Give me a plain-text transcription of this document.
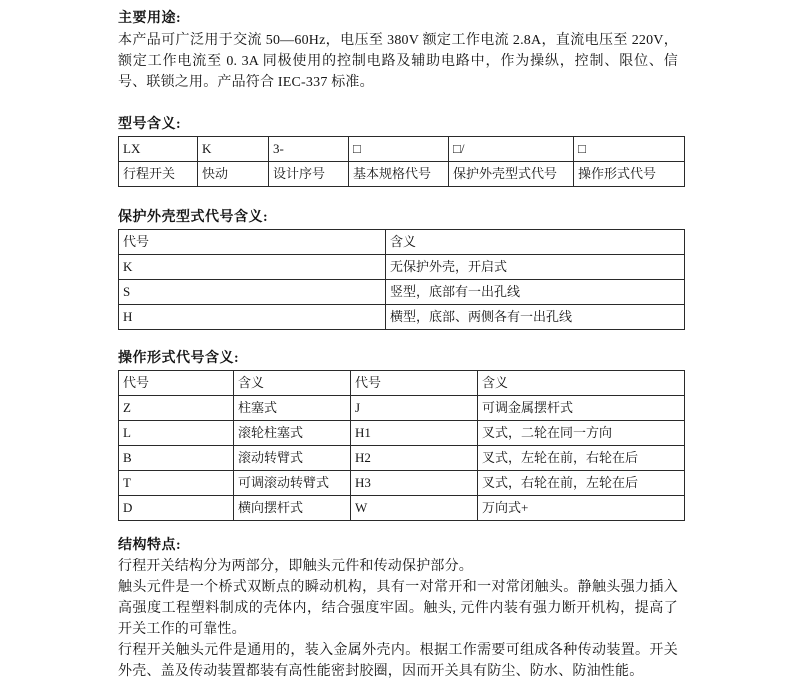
主要用途:

本产品可广泛用于交流 50—60Hz，电压至 380V 额定工作电流 2.8A，直流电压至 220V，额定工作电流至 0. 3A 同极使用的控制电路及辅助电路中，作为操纵，控制、限位、信号、联锁之用。产品符合 IEC-337 标准。

型号含义:
LX	K	3-	□	□/	□
行程开关	快动	设计序号	基本规格代号	保护外壳型式代号	操作形式代号
保护外壳型式代号含义:
代号	含义
K	无保护外壳，开启式
S	竖型，底部有一出孔线
H	横型，底部、两侧各有一出孔线
操作形式代号含义:
代号	含义	代号	含义
Z	柱塞式	J	可调金属摆杆式
L	滚轮柱塞式	H1	叉式，二轮在同一方向
B	滚动转臂式	H2	叉式，左轮在前，右轮在后
T	可调滚动转臂式	H3	叉式，右轮在前，左轮在后
D	横向摆杆式	W	万向式+
结构特点:

行程开关结构分为两部分，即触头元件和传动保护部分。

触头元件是一个桥式双断点的瞬动机构，具有一对常开和一对常闭触头。静触头强力插入高强度工程塑料制成的壳体内，结合强度牢固。触头, 元件内装有强力断开机构，提高了开关工作的可靠性。

行程开关触头元件是通用的，装入金属外壳内。根据工作需要可组成各种传动装置。开关外壳、盖及传动装置都装有高性能密封胶圈，因而开关具有防尘、防水、防油性能。
